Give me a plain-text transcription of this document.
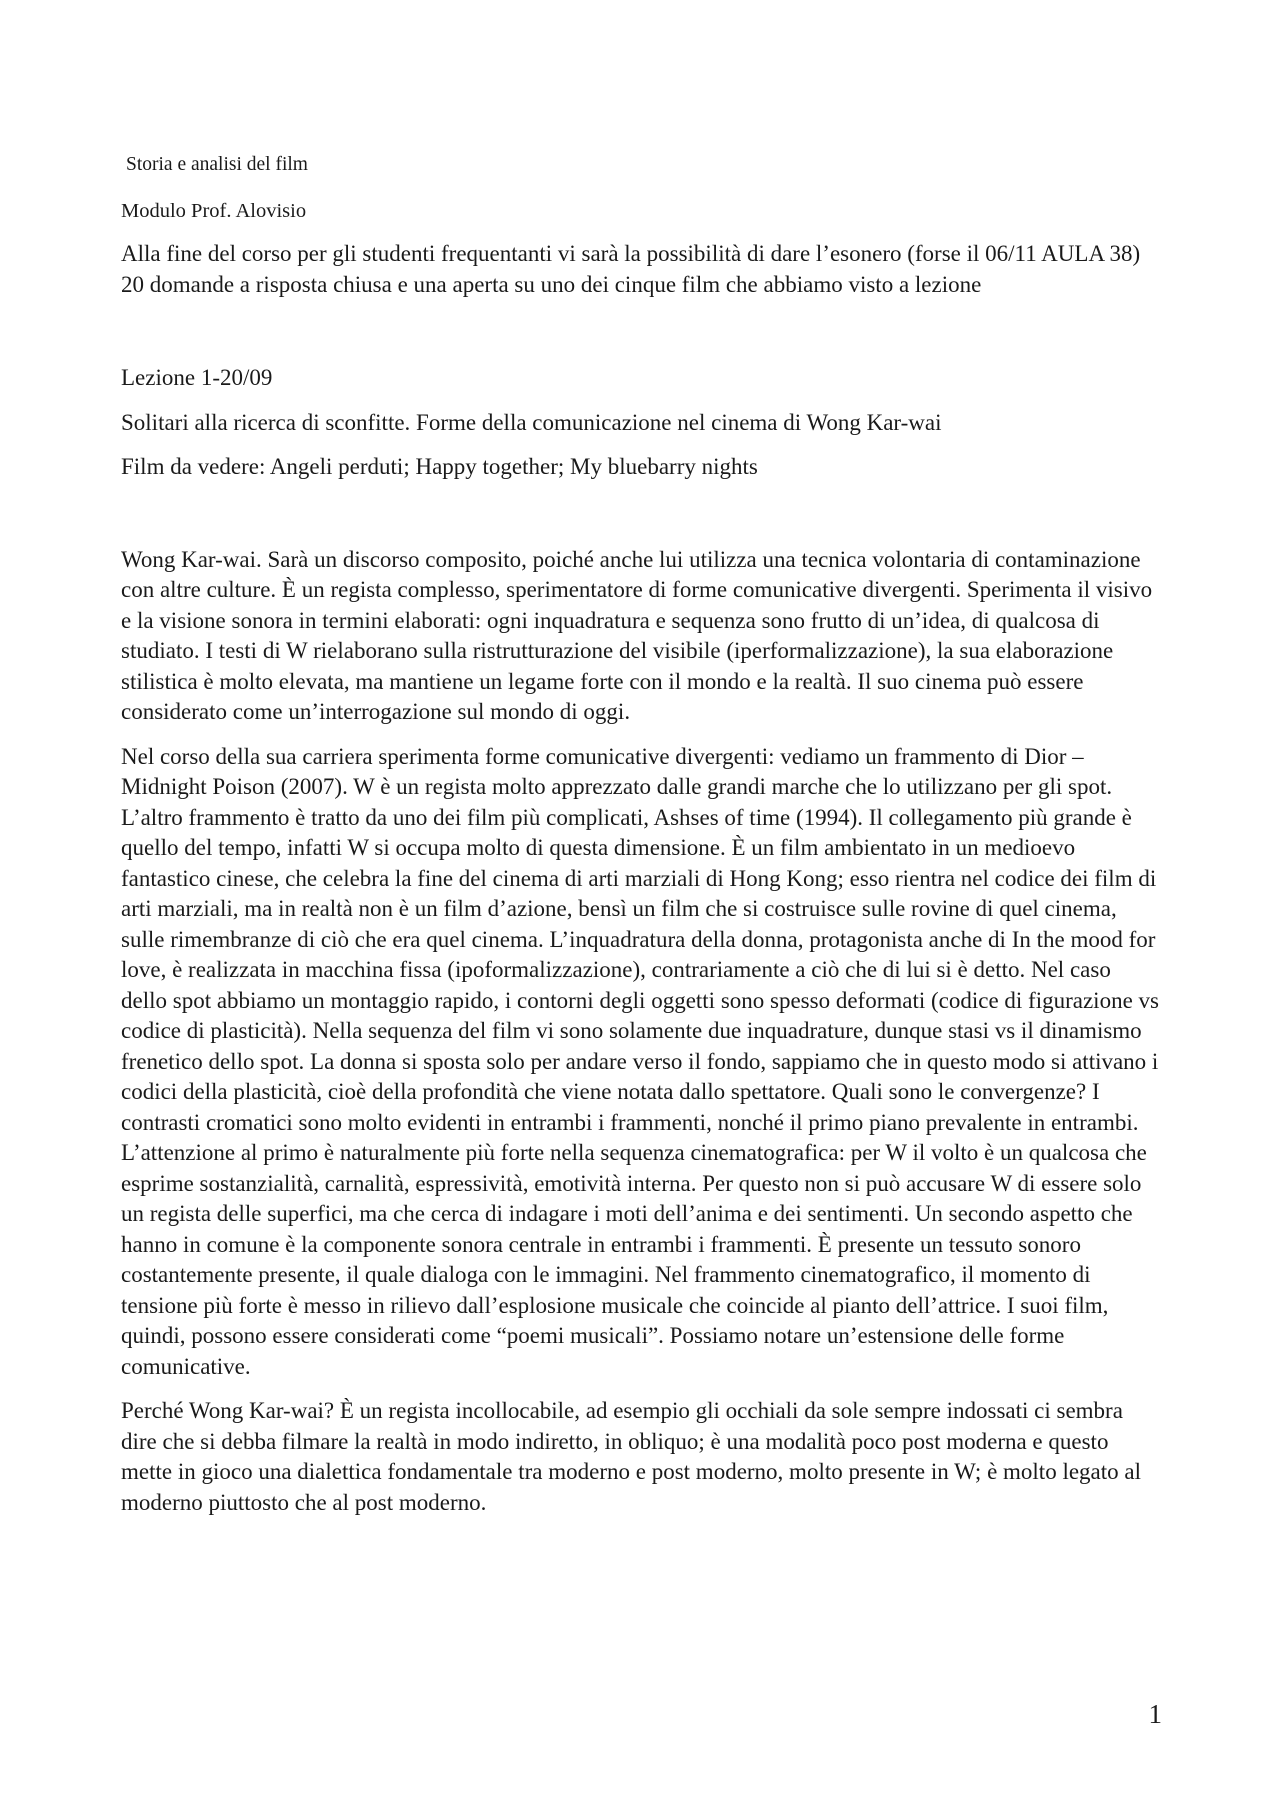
Storia e analisi del film
Modulo Prof. Alovisio

Alla fine del corso per gli studenti frequentanti vi sarà la possibilità di dare l’esonero (forse il 06/11 AULA 38) 20 domande a risposta chiusa e una aperta su uno dei cinque film che abbiamo visto a lezione

Lezione 1-20/09

Solitari alla ricerca di sconfitte. Forme della comunicazione nel cinema di Wong Kar-wai

Film da vedere: Angeli perduti; Happy together; My bluebarry nights

Wong Kar-wai. Sarà un discorso composito, poiché anche lui utilizza una tecnica volontaria di contaminazione con altre culture. È un regista complesso, sperimentatore di forme comunicative divergenti. Sperimenta il visivo e la visione sonora in termini elaborati: ogni inquadratura e sequenza sono frutto di un’idea, di qualcosa di studiato. I testi di W rielaborano sulla ristrutturazione del visibile (iperformalizzazione), la sua elaborazione stilistica è molto elevata, ma mantiene un legame forte con il mondo e la realtà. Il suo cinema può essere considerato come un’interrogazione sul mondo di oggi.

Nel corso della sua carriera sperimenta forme comunicative divergenti: vediamo un frammento di Dior – Midnight Poison (2007). W è un regista molto apprezzato dalle grandi marche che lo utilizzano per gli spot. L’altro frammento è tratto da uno dei film più complicati, Ashses of time (1994). Il collegamento più grande è quello del tempo, infatti W si occupa molto di questa dimensione. È un film ambientato in un medioevo fantastico cinese, che celebra la fine del cinema di arti marziali di Hong Kong; esso rientra nel codice dei film di arti marziali, ma in realtà non è un film d’azione, bensì un film che si costruisce sulle rovine di quel cinema, sulle rimembranze di ciò che era quel cinema. L’inquadratura della donna, protagonista anche di In the mood for love, è realizzata in macchina fissa (ipoformalizzazione), contrariamente a ciò che di lui si è detto. Nel caso dello spot abbiamo un montaggio rapido, i contorni degli oggetti sono spesso deformati (codice di figurazione vs codice di plasticità). Nella sequenza del film vi sono solamente due inquadrature, dunque stasi vs il dinamismo frenetico dello spot. La donna si sposta solo per andare verso il fondo, sappiamo che in questo modo si attivano i codici della plasticità, cioè della profondità che viene notata dallo spettatore. Quali sono le convergenze? I contrasti cromatici sono molto evidenti in entrambi i frammenti, nonché il primo piano prevalente in entrambi. L’attenzione al primo è naturalmente più forte nella sequenza cinematografica: per W il volto è un qualcosa che esprime sostanzialità, carnalità, espressività, emotività interna. Per questo non si può accusare W di essere solo un regista delle superfici, ma che cerca di indagare i moti dell’anima e dei sentimenti. Un secondo aspetto che hanno in comune è la componente sonora centrale in entrambi i frammenti. È presente un tessuto sonoro costantemente presente, il quale dialoga con le immagini. Nel frammento cinematografico, il momento di tensione più forte è messo in rilievo dall’esplosione musicale che coincide al pianto dell’attrice. I suoi film, quindi, possono essere considerati come “poemi musicali”. Possiamo notare un’estensione delle forme comunicative.

Perché Wong Kar-wai? È un regista incollocabile, ad esempio gli occhiali da sole sempre indossati ci sembra dire che si debba filmare la realtà in modo indiretto, in obliquo; è una modalità poco post moderna e questo mette in gioco una dialettica fondamentale tra moderno e post moderno, molto presente in W; è molto legato al moderno piuttosto che al post moderno.

1
